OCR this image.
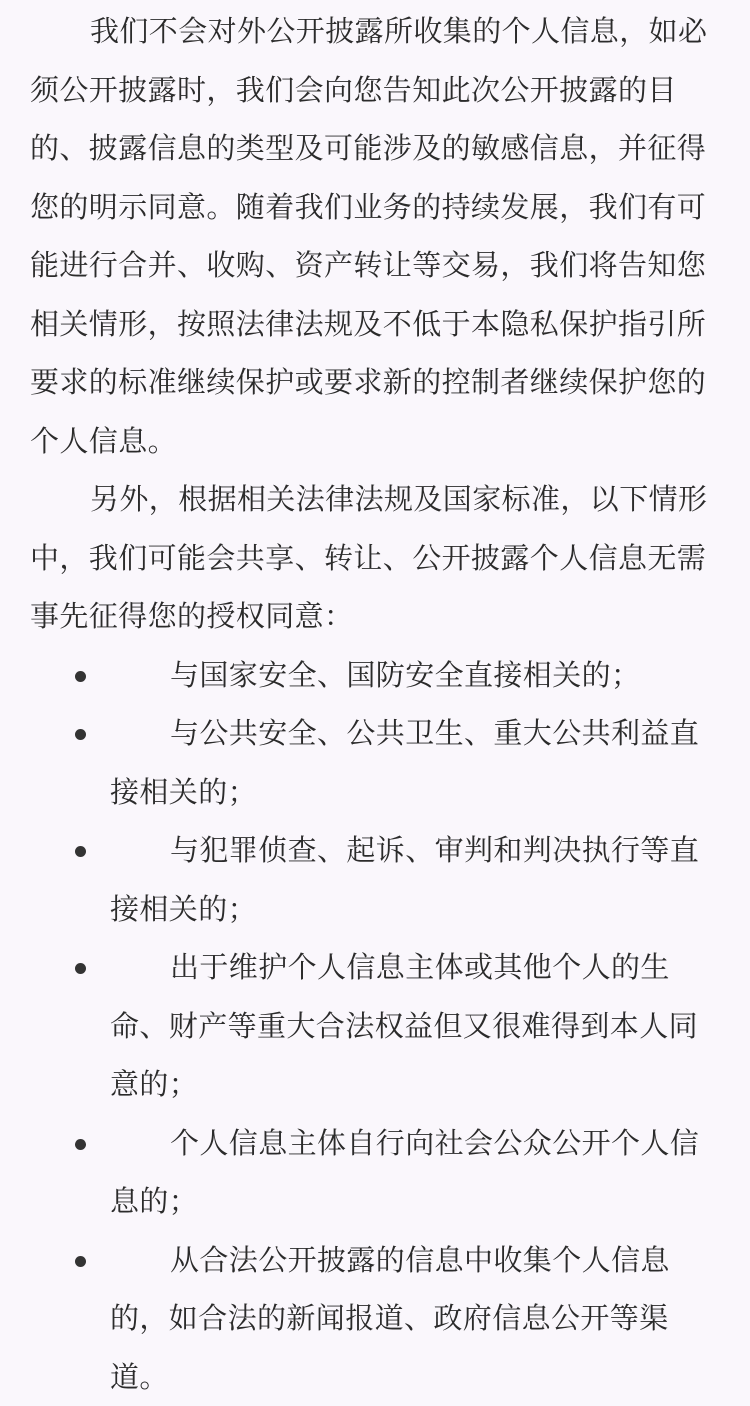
我们不会对外公开披露所收集的个人信息，如必须公开披露时，我们会向您告知此次公开披露的目的、披露信息的类型及可能涉及的敏感信息，并征得您的明示同意。随着我们业务的持续发展，我们有可能进行合并、收购、资产转让等交易，我们将告知您相关情形，按照法律法规及不低于本隐私保护指引所要求的标准继续保护或要求新的控制者继续保护您的个人信息。

另外，根据相关法律法规及国家标准，以下情形中，我们可能会共享、转让、公开披露个人信息无需事先征得您的授权同意：

与国家安全、国防安全直接相关的；
与公共安全、公共卫生、重大公共利益直接相关的；
与犯罪侦查、起诉、审判和判决执行等直接相关的；
出于维护个人信息主体或其他个人的生命、财产等重大合法权益但又很难得到本人同意的；
个人信息主体自行向社会公众公开个人信息的；
从合法公开披露的信息中收集个人信息的，如合法的新闻报道、政府信息公开等渠道。
